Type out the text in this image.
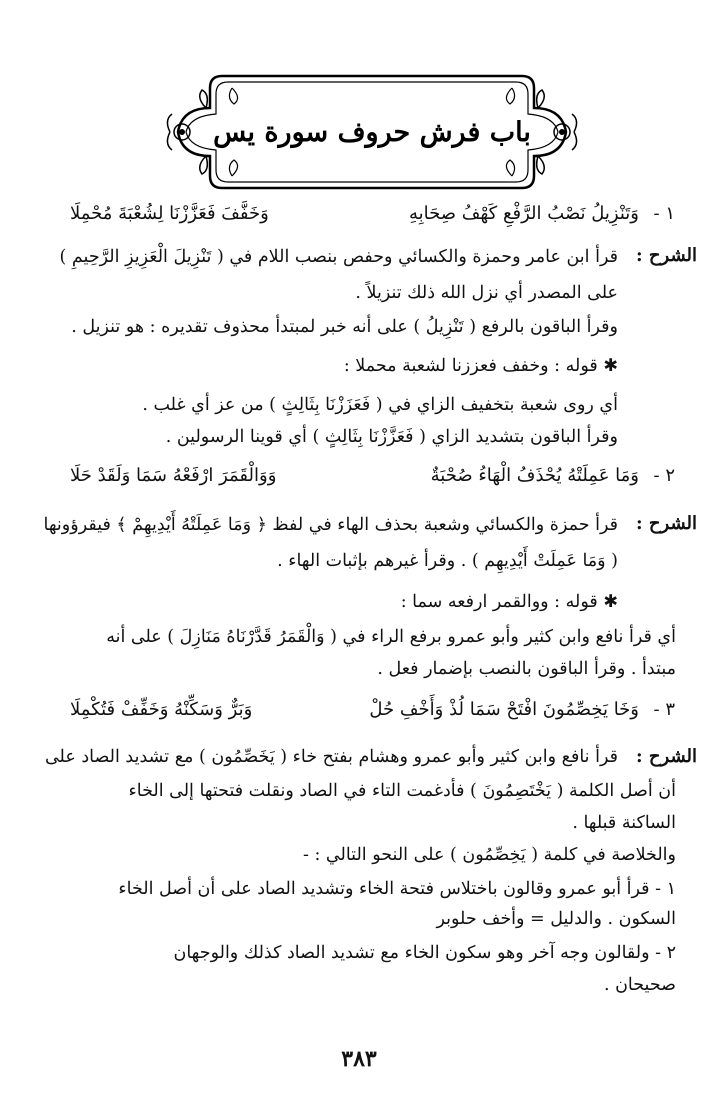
باب فرش حروف سورة يس
١ -
وَتَنْزِيلُ نَصْبُ الرَّفْعِ كَهْفُ صِحَابِهِ
وَخَفَّفَ فَعَزَّزْنَا لِشُعْبَةَ مُحْمِلَا
الشرح :
قرأ ابن عامر وحمزة والكسائي وحفص بنصب اللام في ( تَنْزِيلَ الْعَزِيزِ الرَّحِيمِ )
على المصدر أي نزل الله ذلك تنزيلاً .
وقرأ الباقون بالرفع ( تَنْزِيلُ ) على أنه خبر لمبتدأ محذوف تقديره : هو تنزيل .
✱ قوله : وخفف فعززنا لشعبة محملا :
أي روى شعبة بتخفيف الزاي في ( فَعَزَزْنَا بِثَالِثٍ ) من عز أي غلب .
وقرأ الباقون بتشديد الزاي ( فَعَزَّزْنَا بِثَالِثٍ ) أي قوينا الرسولين .
٢ -
وَمَا عَمِلَتْهُ يُحْذَفُ الْهَاءُ صُحْبَةٌ
وَوَالْقَمَرَ ارْفَعْهُ سَمَا وَلَقَدْ حَلَا
الشرح :
قرأ حمزة والكسائي وشعبة بحذف الهاء في لفظ ﴿ وَمَا عَمِلَتْهُ أَيْدِيهِمْ ﴾ فيقرؤونها
( وَمَا عَمِلَتْ أَيْدِيهِم ) . وقرأ غيرهم بإثبات الهاء .
✱ قوله : ووالقمر ارفعه سما :
أي قرأ نافع وابن كثير وأبو عمرو برفع الراء في ( وَالْقَمَرُ قَدَّرْنَاهُ مَنَازِلَ ) على أنه
مبتدأ . وقرأ الباقون بالنصب بإضمار فعل .
٣ -
وَخَا يَخِصِّمُونَ افْتَحْ سَمَا لُذْ وَأَخْفِ حُلْ
وَبَرٌّ وَسَكِّنْهُ وَخَفِّفْ فَتُكْمِلَا
الشرح :
قرأ نافع وابن كثير وأبو عمرو وهشام بفتح خاء ( يَخَصِّمُون ) مع تشديد الصاد على
أن أصل الكلمة ( يَخْتَصِمُونَ ) فأدغمت التاء في الصاد ونقلت فتحتها إلى الخاء
الساكنة قبلها .
والخلاصة في كلمة ( يَخِصِّمُون ) على النحو التالي : -
١ - قرأ أبو عمرو وقالون باختلاس فتحة الخاء وتشديد الصاد على أن أصل الخاء
السكون . والدليل = وأخف حلوبر
٢ - ولقالون وجه آخر وهو سكون الخاء مع تشديد الصاد كذلك والوجهان
صحيحان .
٣٨٣
